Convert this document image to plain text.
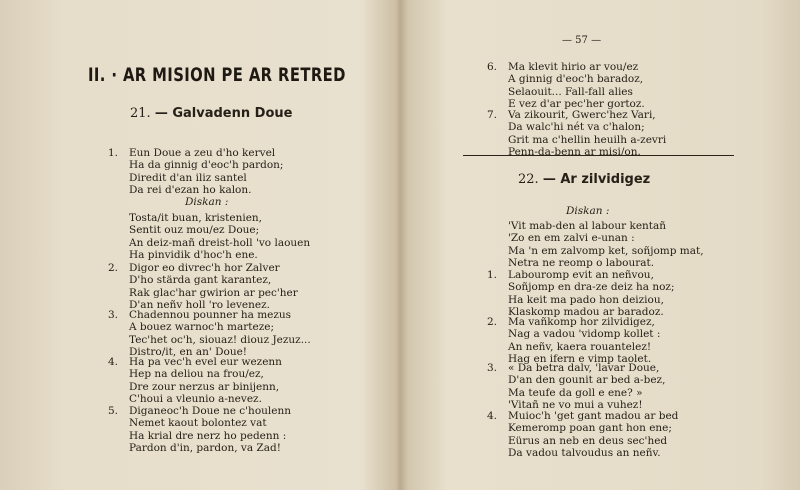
II. · AR MISION PE AR RETRED
21. — Galvadenn Doue
1. Eun Doue a zeu d'ho kervel
Ha da ginnig d'eoc'h pardon;
Diredit d'an iliz santel
Da rei d'ezan ho kalon.
Diskan :
Tosta/it buan, kristenien,
Sentit ouz mou/ez Doue;
An deiz-mañ dreist-holl 'vo laouen
Ha pinvidik d'hoc'h ene.
2. Digor eo divrec'h hor Zalver
D'ho stärda gant karantez,
Rak glac'har gwirion ar pec'her
D'an neñv holl 'ro levenez.
3. Chadennou pounner ha mezus
A bouez warnoc'h marteze;
Tec'het oc'h, siouaz! diouz Jezuz...
Distro/it, en an' Doue!
4. Ha pa vec'h evel eur wezenn
Hep na deliou na frou/ez,
Dre zour nerzus ar binijenn,
C'houi a vleunio a-nevez.
5. Diganeoc'h Doue ne c'houlenn
Nemet kaout bolontez vat
Ha krial dre nerz ho pedenn :
Pardon d'in, pardon, va Zad!
— 57 —
6. Ma klevit hirio ar vou/ez
A ginnig d'eoc'h baradoz,
Selaouit... Fall-fall alies
E vez d'ar pec'her gortoz.
7. Va zikourit, Gwerc'hez Vari,
Da walc'hi nét va c'halon;
Grit ma c'hellin heuilh a-zevri
Penn-da-benn ar misi/on.
22. — Ar zilvidigez
Diskan :
'Vit mab-den al labour kentañ
'Zo en em zalvi e-unan :
Ma 'n em zalvomp ket, soñjomp mat,
Netra ne reomp o labourat.
1. Labouromp evit an neñvou,
Soñjomp en dra-ze deiz ha noz;
Ha keit ma pado hon deiziou,
Klaskomp madou ar baradoz.
2. Ma vañkomp hor zilvidigez,
Nag a vadou 'vidomp kollet :
An neñv, kaera rouantelez!
Hag en ifern e vimp taolet.
3. « Da betra dalv, 'lavar Doue,
D'an den gounit ar bed a-bez,
Ma teufe da goll e ene? »
'Vitañ ne vo mui a vuhez!
4. Muioc'h 'get gant madou ar bed
Kemeromp poan gant hon ene;
Eürus an neb en deus sec'hed
Da vadou talvoudus an neñv.
